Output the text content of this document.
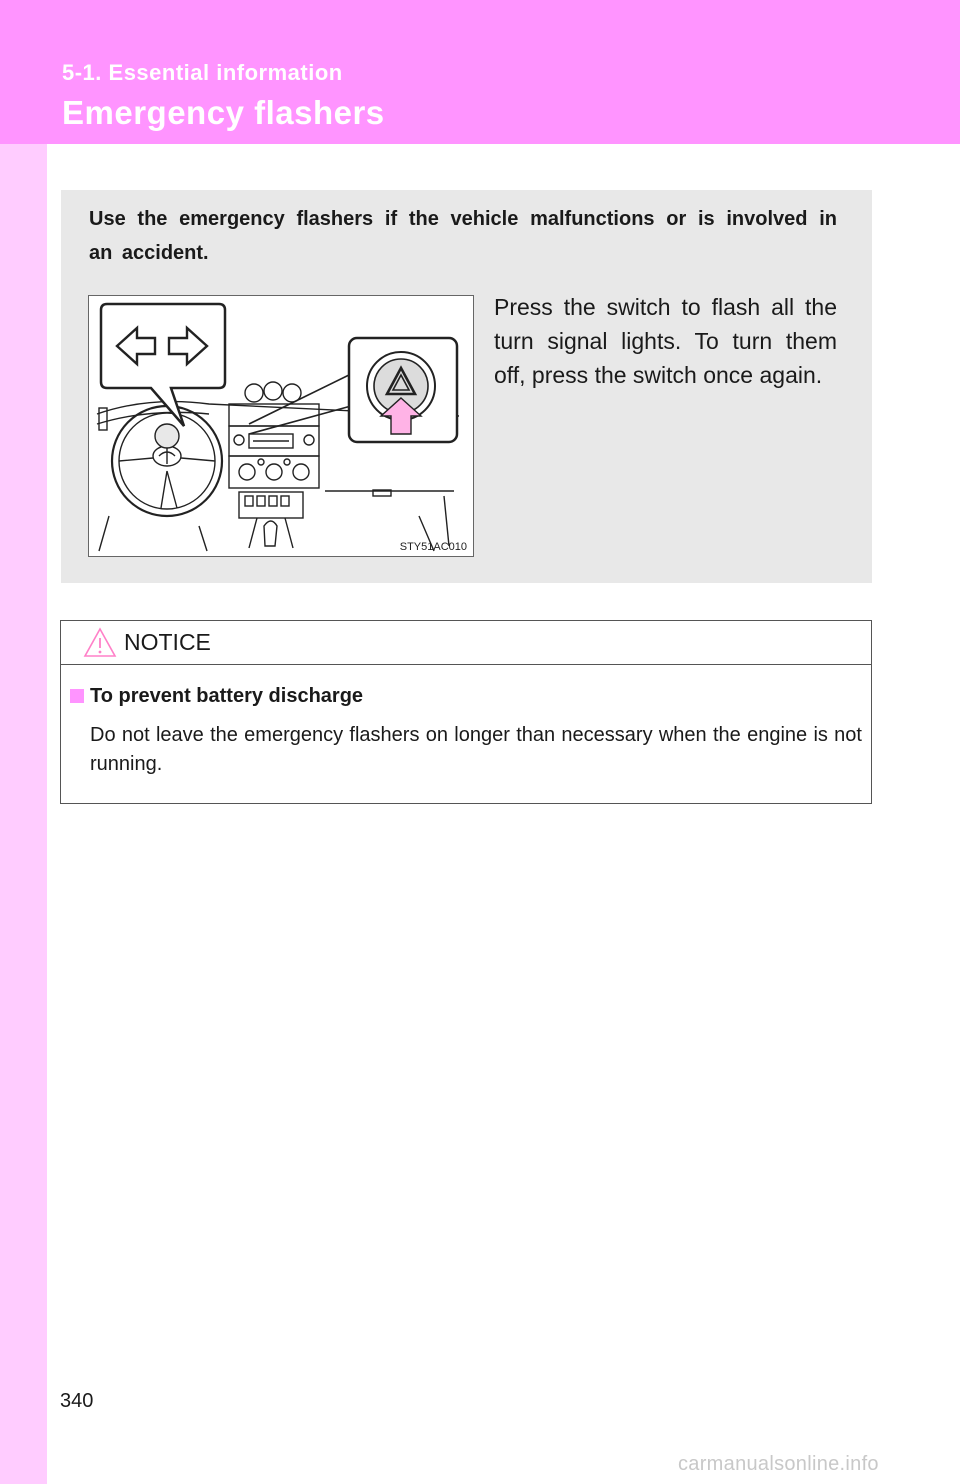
5-1. Essential information
Emergency flashers
Use the emergency flashers if the vehicle malfunctions or is involved in an accident.
STY51AC010
Press the switch to flash all the turn signal lights. To turn them off, press the switch once again.
NOTICE
To prevent battery discharge
Do not leave the emergency flashers on longer than necessary when the engine is not running.
340
carmanualsonline.info
